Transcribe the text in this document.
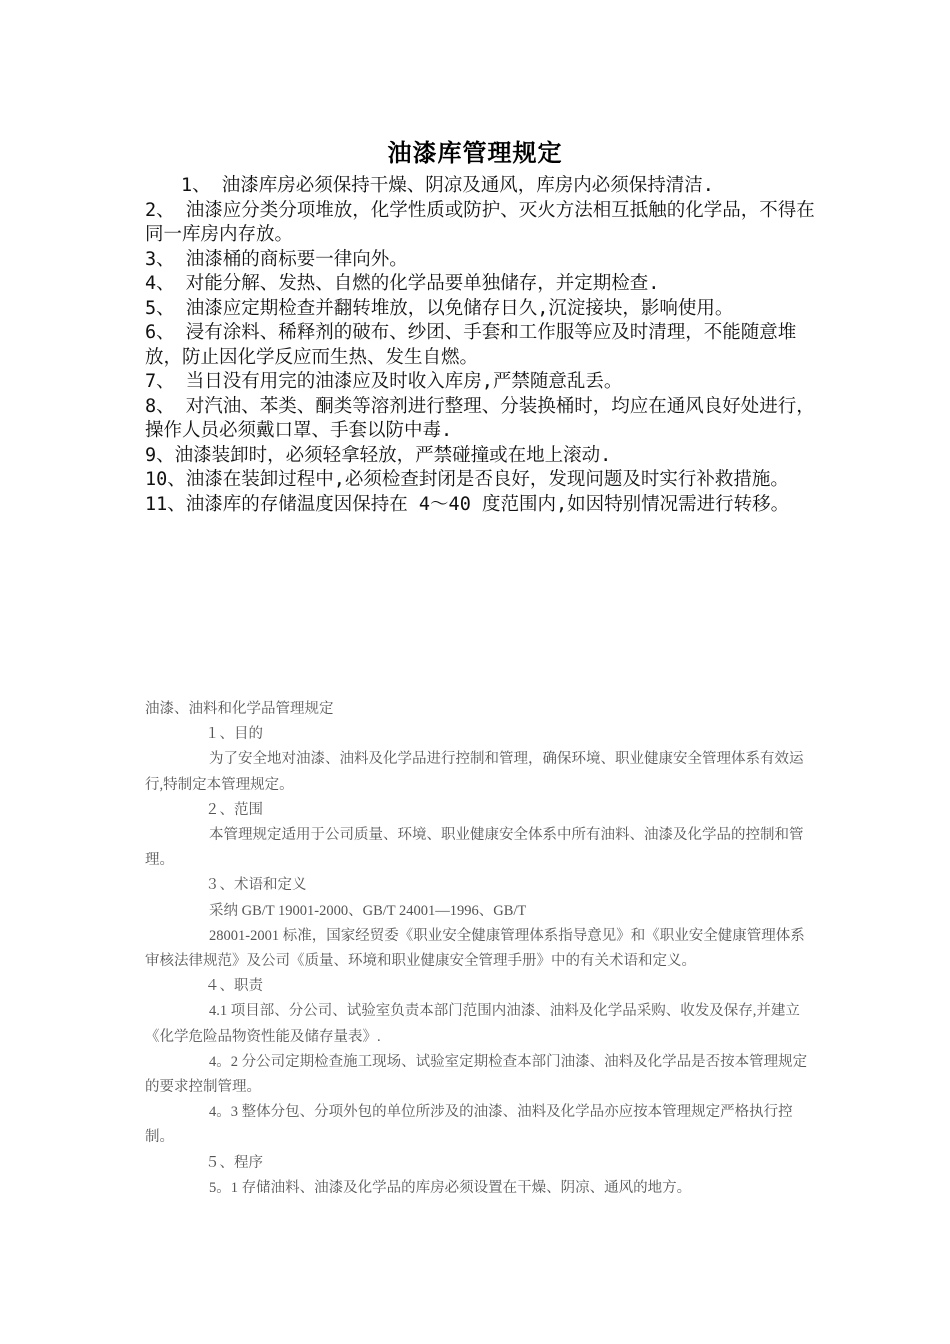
油漆库管理规定

1、 油漆库房必须保持干燥、阴凉及通风，库房内必须保持清洁.

2、 油漆应分类分项堆放，化学性质或防护、灭火方法相互抵触的化学品，不得在同一库房内存放。

3、 油漆桶的商标要一律向外。

4、 对能分解、发热、自燃的化学品要单独储存，并定期检查.

5、 油漆应定期检查并翻转堆放，以免储存日久,沉淀接块，影响使用。

6、 浸有涂料、稀释剂的破布、纱团、手套和工作服等应及时清理，不能随意堆放，防止因化学反应而生热、发生自燃。

7、 当日没有用完的油漆应及时收入库房,严禁随意乱丢。

8、 对汽油、苯类、酮类等溶剂进行整理、分装换桶时，均应在通风良好处进行，操作人员必须戴口罩、手套以防中毒.

9、油漆装卸时，必须轻拿轻放，严禁碰撞或在地上滚动.

10、油漆在装卸过程中,必须检查封闭是否良好，发现问题及时实行补救措施。

11、油漆库的存储温度因保持在 4～40 度范围内,如因特别情况需进行转移。

油漆、油料和化学品管理规定

１、目的

为了安全地对油漆、油料及化学品进行控制和管理，确保环境、职业健康安全管理体系有效运行,特制定本管理规定。

２、范围

本管理规定适用于公司质量、环境、职业健康安全体系中所有油料、油漆及化学品的控制和管理。

３、术语和定义

采纳 GB/T 19001-2000、GB/T 24001—1996、GB/T

28001-2001 标准，国家经贸委《职业安全健康管理体系指导意见》和《职业安全健康管理体系审核法律规范》及公司《质量、环境和职业健康安全管理手册》中的有关术语和定义。

４、职责

4.1 项目部、分公司、试验室负责本部门范围内油漆、油料及化学品采购、收发及保存,并建立《化学危险品物资性能及储存量表》.

4。2 分公司定期检查施工现场、试验室定期检查本部门油漆、油料及化学品是否按本管理规定的要求控制管理。

4。3 整体分包、分项外包的单位所涉及的油漆、油料及化学品亦应按本管理规定严格执行控制。

５、程序

5。1 存储油料、油漆及化学品的库房必须设置在干燥、阴凉、通风的地方。
